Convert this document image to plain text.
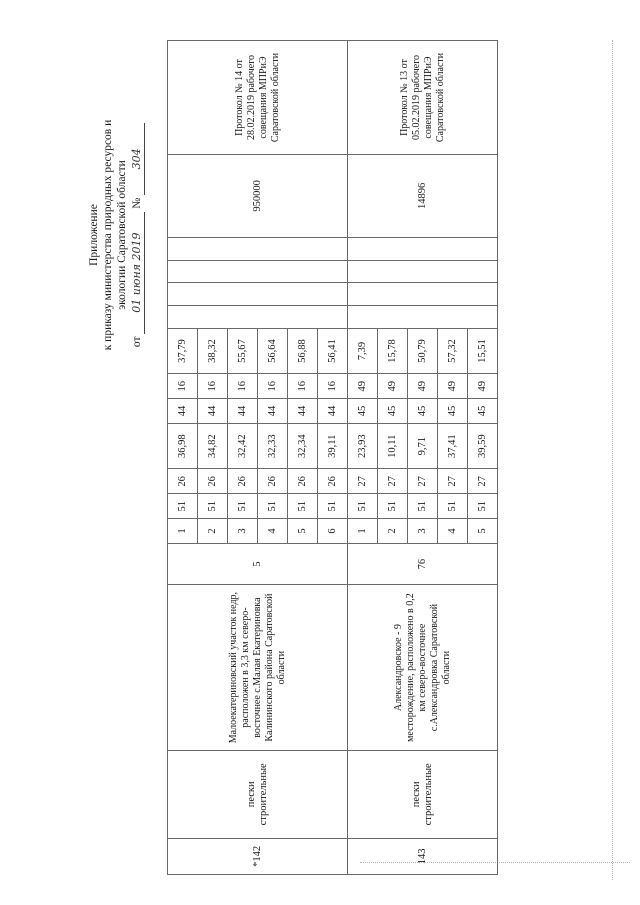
Приложение к приказу министерства природных ресурсов и экологии Саратовской области
от 01 июня 2019 № 304
*142	пески строительные	Малоекатериновский участок недр, расположен в 3,3 км северо-восточнее с.Малая Екатериновка Калининского района Саратовской области	5	1	51	26	36,98	44	16	37,79					950000	Протокол № 14 от 28.02.2019 рабочего совещания МПРиЭ Саратовской области
				2	51	26	34,82	44	16	38,32						
				3	51	26	32,42	44	16	55,67						
				4	51	26	32,33	44	16	56,64						
				5	51	26	32,34	44	16	56,88						
				6	51	26	39,11	44	16	56,41						
143	пески строительные	Александровское - 9 месторождение, расположено в 0,2 км северо-восточнее с.Александровка Саратовской области	76	1	51	27	23,93	45	49	7,39					14896	Протокол № 13 от 05.02.2019 рабочего совещания МПРиЭ Саратовской области
				2	51	27	10,11	45	49	15,78						
				3	51	27	9,71	45	49	50,79						
				4	51	27	37,41	45	49	57,32						
				5	51	27	39,59	45	49	15,51						
